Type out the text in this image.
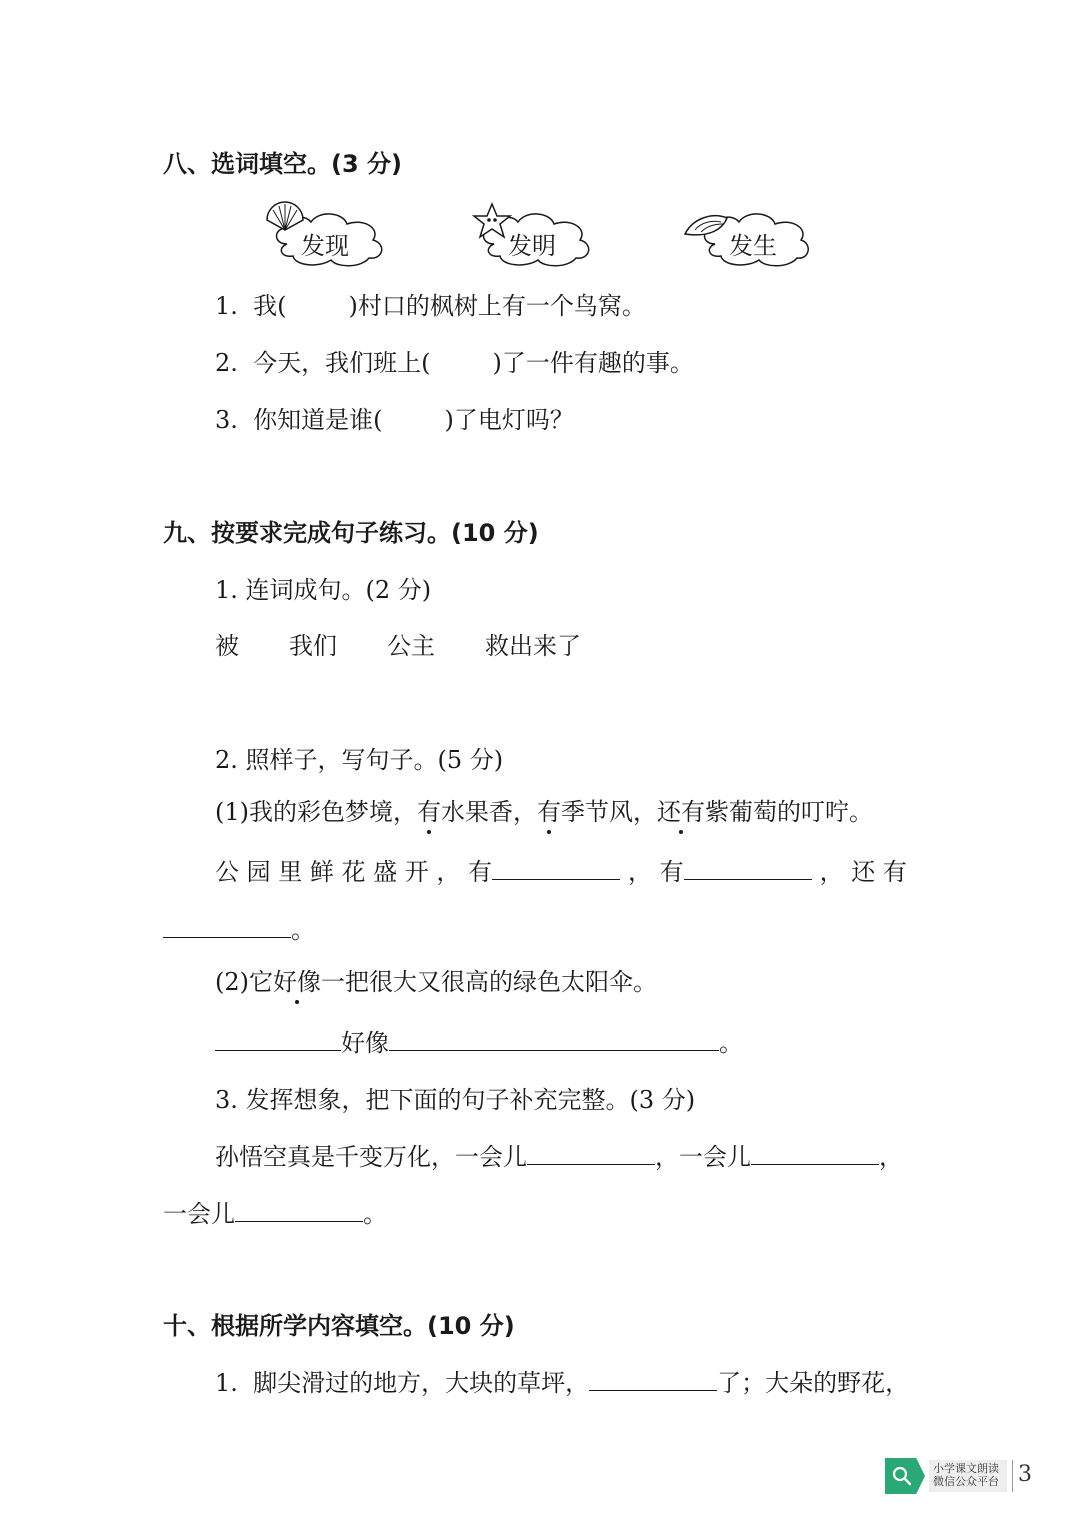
八、选词填空。(3 分)
发现	发明	发生
1. 我(	)村口的枫树上有一个鸟窝。
2. 今天，我们班上(	)了一件有趣的事。
3. 你知道是谁(	)了电灯吗？
九、按要求完成句子练习。(10 分)
1. 连词成句。(2 分)
被 我们 公主 救出来了
2. 照样子，写句子。(5 分)
(1)我的彩色梦境，有水果香，有季节风，还有紫葡萄的叮咛。
公 园 里 鲜 花 盛 开 ， 有	， 有	， 还 有
。
(2)它好像一把很大又很高的绿色太阳伞。
好像	。
3. 发挥想象，把下面的句子补充完整。(3 分)
孙悟空真是千变万化，一会儿	，一会儿	，
一会儿	。
十、根据所学内容填空。(10 分)
1. 脚尖滑过的地方，大块的草坪，	了；大朵的野花，
小学课文朗读
微信公众平台 3
